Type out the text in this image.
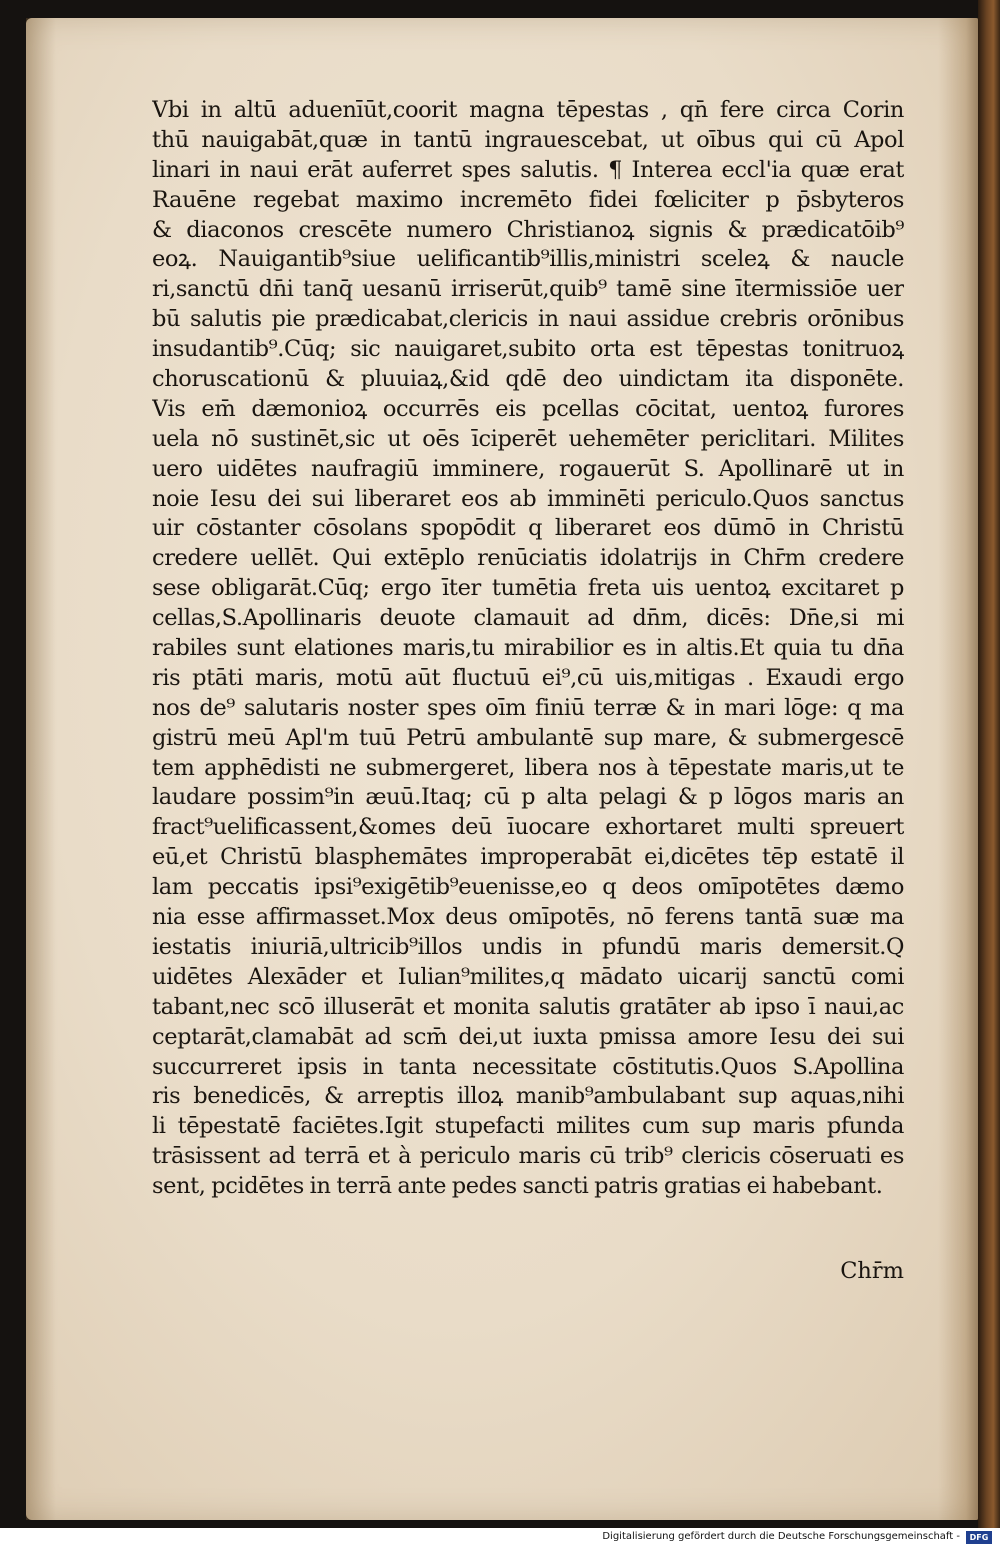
Vbi in altū aduenīūt,coorit magna tēpestas , qn̄ fere circa Corin
thū nauigabāt,quæ in tantū ingrauescebat, ut oībus qui cū Apol
linari in naui erāt auferret spes salutis. ¶ Interea eccl'ia quæ erat
Rauēne regebat maximo incremēto fidei fœliciter p p̄sbyteros
& diaconos crescēte numero Christianoꝝ signis & prædicatōib⁹
eoꝝ. Nauigantib⁹siue uelificantib⁹illis,ministri sceleꝝ & naucle
ri,sanctū dn̄i tanq̄ uesanū irriserūt,quib⁹ tamē sine ītermissiōe uer
bū salutis pie prædicabat,clericis in naui assidue crebris orōnibus
insudantib⁹.Cūq; sic nauigaret,subito orta est tēpestas tonitruoꝝ
choruscationū & pluuiaꝝ,&id qdē deo uindictam ita disponēte.
Vis em̄ dæmonioꝝ occurrēs eis pcellas cōcitat, uentoꝝ furores
uela nō sustinēt,sic ut oēs īciperēt uehemēter periclitari. Milites
uero uidētes naufragiū imminere, rogauerūt S. Apollinarē ut in
noie Iesu dei sui liberaret eos ab imminēti periculo.Quos sanctus
uir cōstanter cōsolans spopōdit q liberaret eos dūmō in Christū
credere uellēt. Qui extēplo renūciatis idolatrijs in Chr̄m credere
sese obligarāt.Cūq; ergo īter tumētia freta uis uentoꝝ excitaret p
cellas,S.Apollinaris deuote clamauit ad dn̄m, dicēs: Dn̄e,si mi
rabiles sunt elationes maris,tu mirabilior es in altis.Et quia tu dn̄a
ris ptāti maris, motū aūt fluctuū ei⁹,cū uis,mitigas . Exaudi ergo
nos de⁹ salutaris noster spes oīm finiū terræ & in mari lōge: q ma
gistrū meū Apl'm tuū Petrū ambulantē sup mare, & submergescē
tem apphēdisti ne submergeret, libera nos à tēpestate maris,ut te
laudare possim⁹in æuū.Itaq; cū p alta pelagi & p lōgos maris an
fract⁹uelificassent,&omes deū īuocare exhortaret multi spreuert
eū,et Christū blasphemātes improperabāt ei,dicētes tēp estatē il
lam peccatis ipsi⁹exigētib⁹euenisse,eo q deos omīpotētes dæmo
nia esse affirmasset.Mox deus omīpotēs, nō ferens tantā suæ ma
iestatis iniuriā,ultricib⁹illos undis in pfundū maris demersit.Q
uidētes Alexāder et Iulian⁹milites,q mādato uicarij sanctū comi
tabant,nec scō illuserāt et monita salutis gratāter ab ipso ī naui,ac
ceptarāt,clamabāt ad scm̄ dei,ut iuxta pmissa amore Iesu dei sui
succurreret ipsis in tanta necessitate cōstitutis.Quos S.Apollina
ris benedicēs, & arreptis illoꝝ manib⁹ambulabant sup aquas,nihi
li tēpestatē faciētes.Igit stupefacti milites cum sup maris pfunda
trāsissent ad terrā et à periculo maris cū trib⁹ clericis cōseruati es
sent, pcidētes in terrā ante pedes sancti patris gratias ei habebant.
Chr̄m
Digitalisierung gefördert durch die Deutsche Forschungsgemeinschaft -	DFG
